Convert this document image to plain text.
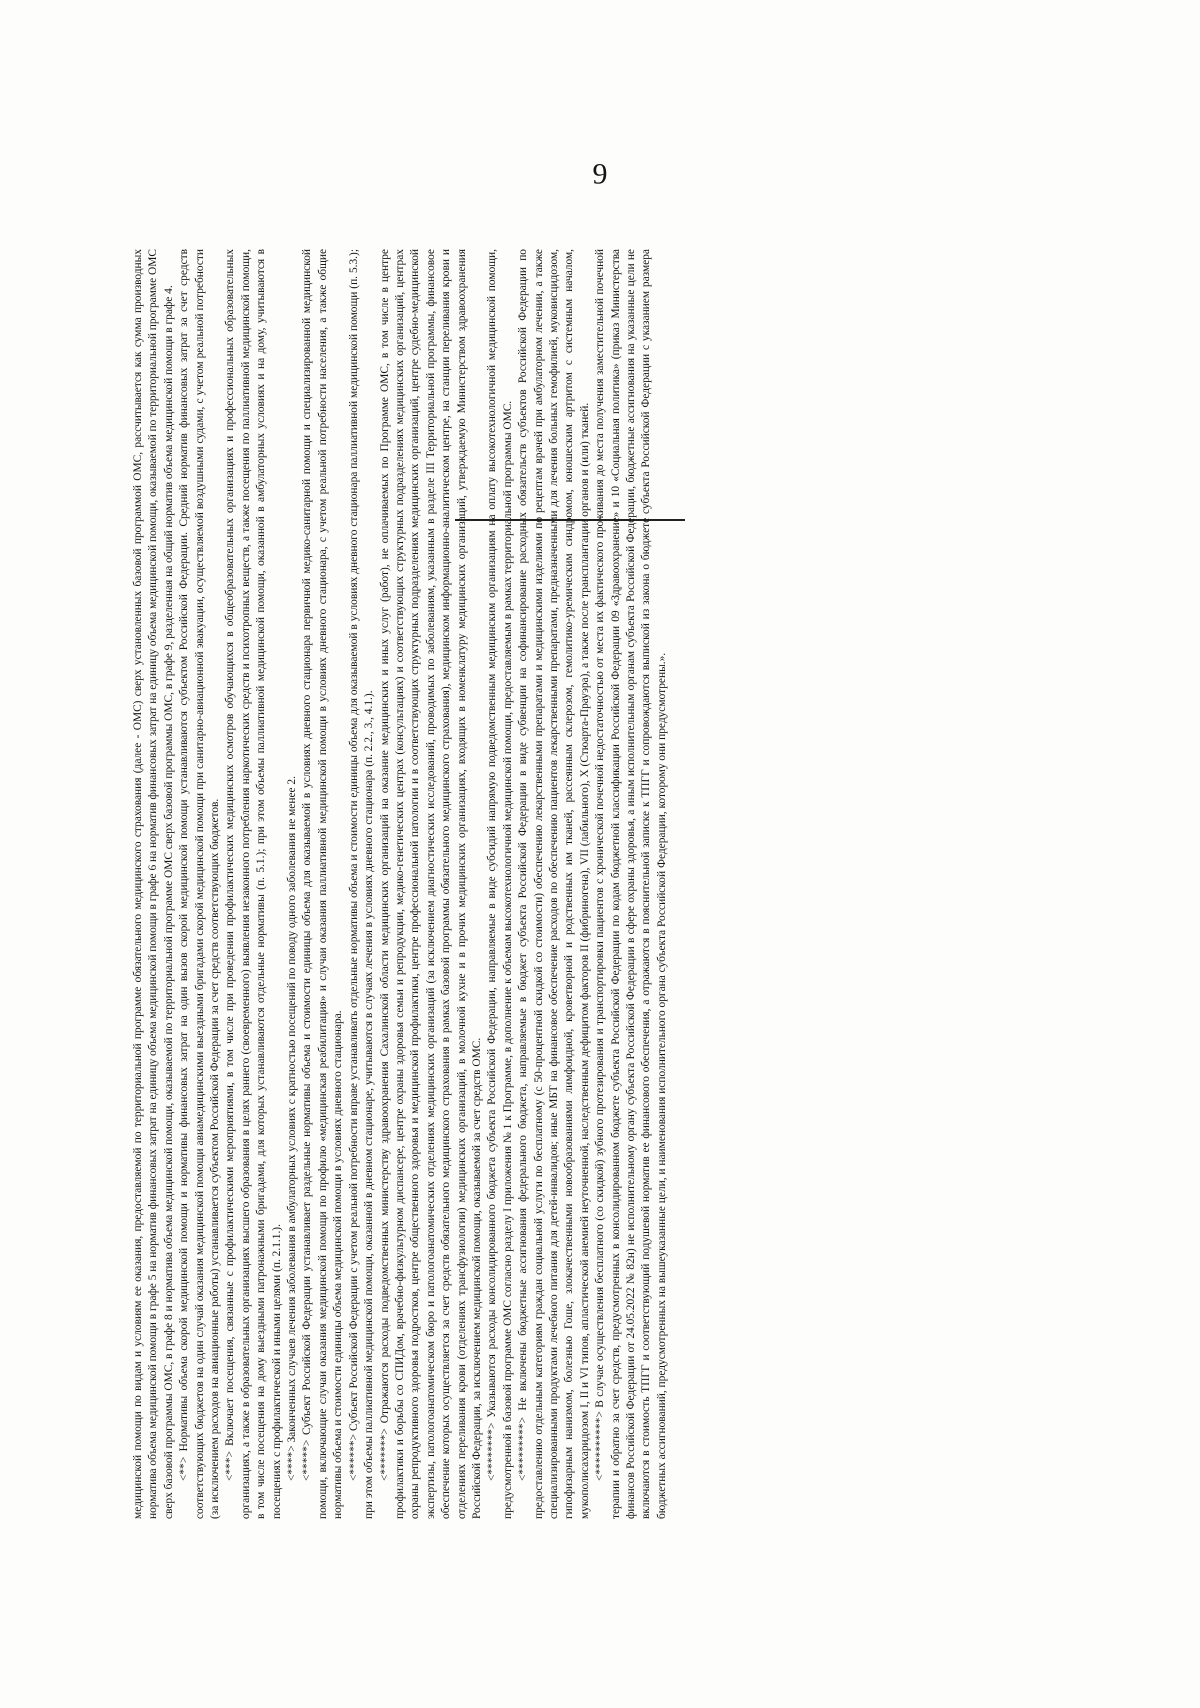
9

медицинской помощи по видам и условиям ее оказания, предоставляемой по территориальной программе обязательного медицинского страхования (далее - ОМС) сверх установленных базовой программой ОМС, рассчитывается как сумма производных норматива объема медицинской помощи в графе 5 на норматив финансовых затрат на единицу объема медицинской помощи в графе 6 на норматив финансовых затрат на единицу объема медицинской помощи, оказываемой по территориальной программе ОМС сверх базовой программы ОМС, в графе 8 и норматива объема медицинской помощи, оказываемой по территориальной программе ОМС сверх базовой программы ОМС, в графе 9, разделенная на общий норматив объема медицинской помощи в графе 4. <**> Нормативы объема скорой медицинской помощи и нормативы финансовых затрат на один вызов скорой медицинской помощи устанавливаются субъектом Российской Федерации. Средний норматив финансовых затрат за счет средств соответствующих бюджетов на один случай оказания медицинской помощи авиамедицинскими выездными бригадами скорой медицинской помощи при санитарно-авиационной эвакуации, осуществляемой воздушными судами, с учетом реальной потребности (за исключением расходов на авиационные работы) устанавливается субъектом Российской Федерации за счет средств соответствующих бюджетов. <***> Включает посещения, связанные с профилактическими мероприятиями, в том числе при проведении профилактических медицинских осмотров обучающихся в общеобразовательных организациях и профессиональных образовательных организациях, а также в образовательных организациях высшего образования в целях раннего (своевременного) выявления незаконного потребления наркотических средств и психотропных веществ, а также посещения по паллиативной медицинской помощи, в том числе посещения на дому выездными патронажными бригадами, для которых устанавливаются отдельные нормативы (п. 5.1.); при этом объемы паллиативной медицинской помощи, оказанной в амбулаторных условиях и на дому, учитываются в посещениях с профилактической и иными целями (п. 2.1.1.). <****> Законченных случаев лечения заболевания в амбулаторных условиях с кратностью посещений по поводу одного заболевания не менее 2. <*****> Субъект Российской Федерации устанавливает раздельные нормативы объема и стоимости единицы объема для оказываемой в условиях дневного стационара первичной медико-санитарной помощи и специализированной медицинской помощи, включающие случаи оказания медицинской помощи по профилю «медицинская реабилитация» и случаи оказания паллиативной медицинской помощи в условиях дневного стационара, с учетом реальной потребности населения, а также общие нормативы объема и стоимости единицы объема медицинской помощи в условиях дневного стационара. <******> Субъект Российской Федерации с учетом реальной потребности вправе устанавливать отдельные нормативы объема и стоимости единицы объема для оказываемой в условиях дневного стационара паллиативной медицинской помощи (п. 5.3.); при этом объемы паллиативной медицинской помощи, оказанной в дневном стационаре, учитываются в случаях лечения в условиях дневного стационара (п. 2.2., 3., 4.1.). <*******> Отражаются расходы подведомственных министерству здравоохранения Сахалинской области медицинских организаций на оказание медицинских и иных услуг (работ), не оплачиваемых по Программе ОМС, в том числе в центре профилактики и борьбы со СПИДом, врачебно-физкультурном диспансере, центре охраны здоровья семьи и репродукции, медико-генетических центрах (консультациях) и соответствующих структурных подразделениях медицинских организаций, центрах охраны репродуктивного здоровья подростков, центре общественного здоровья и медицинской профилактики, центре профессиональной патологии и в соответствующих структурных подразделениях медицинских организаций, центре судебно-медицинской экспертизы, патологоанатомическом бюро и патологоанатомических отделениях медицинских организаций (за исключением диагностических исследований, проводимых по заболеваниям, указанным в разделе III Территориальной программы, финансовое обеспечение которых осуществляется за счет средств обязательного медицинского страхования в рамках базовой программы обязательного медицинского страхования), медицинском информационно-аналитическом центре, на станции переливания крови и отделениях переливания крови (отделениях трансфузиологии) медицинских организаций, в молочной кухне и в прочих медицинских организациях, входящих в номенклатуру медицинских организаций, утверждаемую Министерством здравоохранения Российской Федерации, за исключением медицинской помощи, оказываемой за счет средств ОМС. <********> Указываются расходы консолидированного бюджета субъекта Российской Федерации, направляемые в виде субсидий напрямую подведомственным медицинским организациям на оплату высокотехнологичной медицинской помощи, предусмотренной в базовой программе ОМС согласно разделу I приложения № 1 к Программе, в дополнение к объемам высокотехнологичной медицинской помощи, предоставляемым в рамках территориальной программы ОМС. <*********> Не включены бюджетные ассигнования федерального бюджета, направляемые в бюджет субъекта Российской Федерации в виде субвенции на софинансирование расходных обязательств субъектов Российской Федерации по предоставлению отдельным категориям граждан социальной услуги по бесплатному (с 50-процентной скидкой со стоимости) обеспечению лекарственными препаратами и медицинскими изделиями по рецептам врачей при амбулаторном лечении, а также специализированными продуктами лечебного питания для детей-инвалидов; иные МБТ на финансовое обеспечение расходов по обеспечению пациентов лекарственными препаратами, предназначенными для лечения больных гемофилией, муковисцидозом, гипофизарным нанизмом, болезнью Гоше, злокачественными новообразованиями лимфоидной, кроветворной и родственных им тканей, рассеянным склерозом, гемолитико-уремическим синдромом, юношеским артритом с системным началом, мукополисахаридозом I, II и VI типов, апластической анемией неуточненной, наследственным дефицитом факторов II (фибриногена), VII (лабильного), X (Стюарта-Прауэра), а также после трансплантации органов и (или) тканей. <**********> В случае осуществления бесплатного (со скидкой) зубного протезирования и транспортировки пациентов с хронической почечной недостаточностью от места их фактического проживания до места получения заместительной почечной терапии и обратно за счет средств, предусмотренных в консолидированном бюджете субъекта Российской Федерации по кодам бюджетной классификации Российской Федерации 09 «Здравоохранение» и 10 «Социальная политика» (приказ Министерства финансов Российской Федерации от 24.05.2022 № 82н) не исполнительному органу субъекта Российской Федерации в сфере охраны здоровья, а иным исполнительным органам субъекта Российской Федерации, бюджетные ассигнования на указанные цели не включаются в стоимость ТПГГ и соответствующий подушевой норматив ее финансового обеспечения, а отражаются в пояснительной записке к ТПГГ и сопровождаются выпиской из закона о бюджете субъекта Российской Федерации с указанием размера бюджетных ассигнований, предусмотренных на вышеуказанные цели, и наименования исполнительного органа субъекта Российской Федерации, которому они предусмотрены.».
